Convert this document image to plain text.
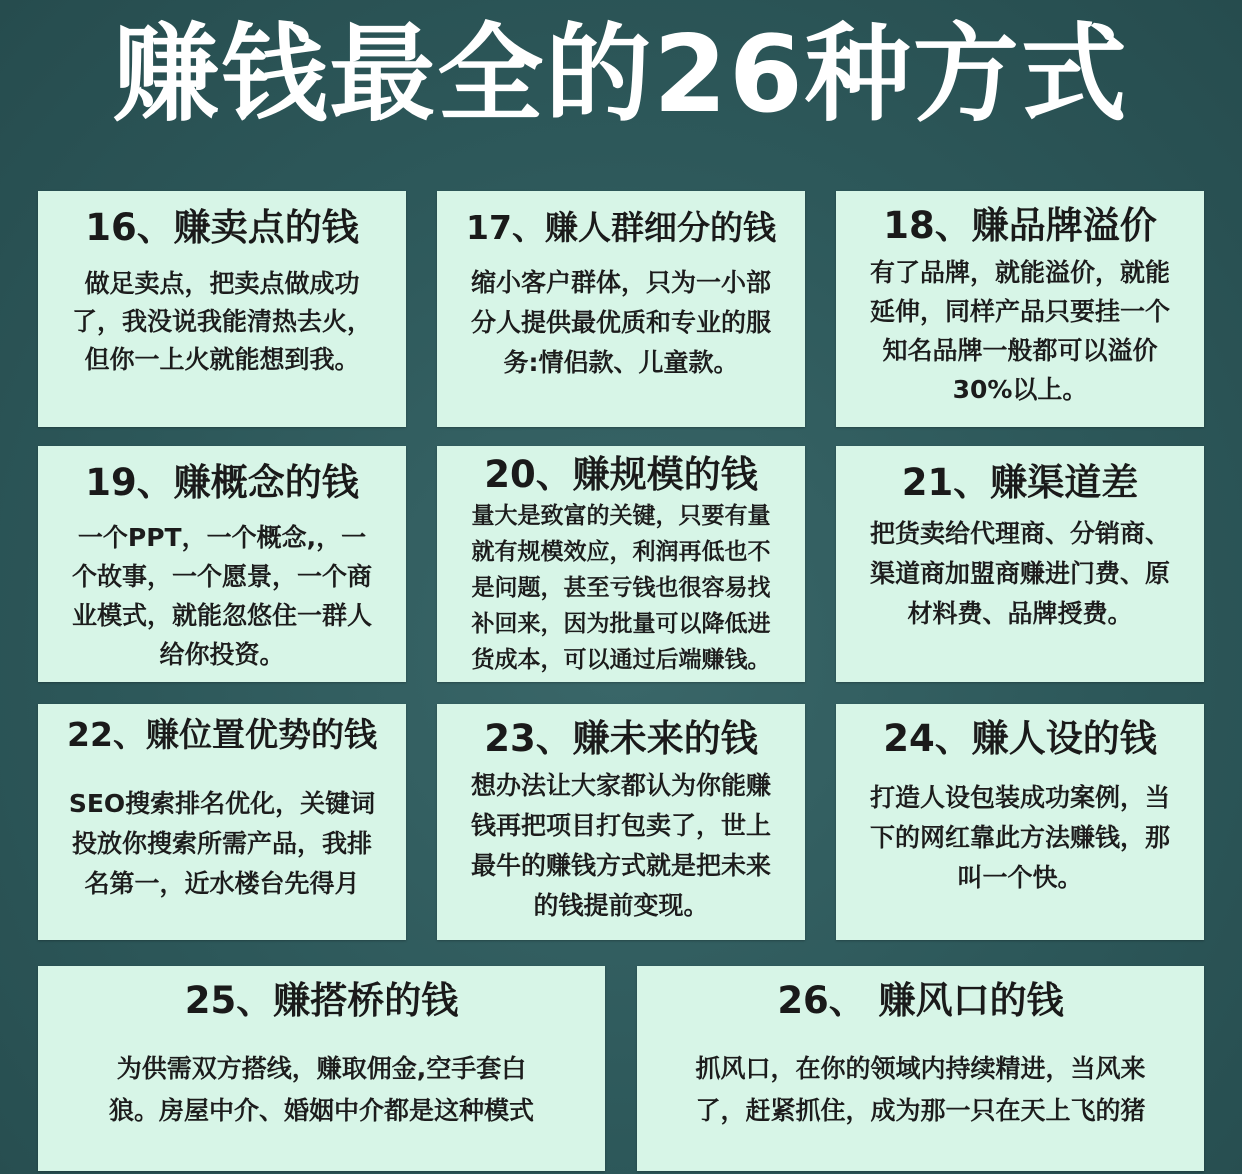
赚钱最全的26种方式
16、赚卖点的钱
做足卖点，把卖点做成功
了，我没说我能清热去火，
但你一上火就能想到我。
17、赚人群细分的钱
缩小客户群体，只为一小部
分人提供最优质和专业的服
务:情侣款、儿童款。
18、赚品牌溢价
有了品牌，就能溢价，就能
延伸，同样产品只要挂一个
知名品牌一般都可以溢价
30%以上。
19、赚概念的钱
一个PPT，一个概念,，一
个故事，一个愿景，一个商
业模式，就能忽悠住一群人
给你投资。
20、赚规模的钱
量大是致富的关键，只要有量
就有规模效应，利润再低也不
是问题，甚至亏钱也很容易找
补回来，因为批量可以降低进
货成本，可以通过后端赚钱。
21、赚渠道差
把货卖给代理商、分销商、
渠道商加盟商赚进门费、原
材料费、品牌授费。
22、赚位置优势的钱
SEO搜索排名优化，关键词
投放你搜索所需产品，我排
名第一，近水楼台先得月
23、赚未来的钱
想办法让大家都认为你能赚
钱再把项目打包卖了，世上
最牛的赚钱方式就是把未来
的钱提前变现。
24、赚人设的钱
打造人设包装成功案例，当
下的网红靠此方法赚钱，那
叫一个快。
25、赚搭桥的钱
为供需双方搭线，赚取佣金,空手套白
狼。房屋中介、婚姻中介都是这种模式
26、 赚风口的钱
抓风口，在你的领域内持续精进，当风来
了，赶紧抓住，成为那一只在天上飞的猪
